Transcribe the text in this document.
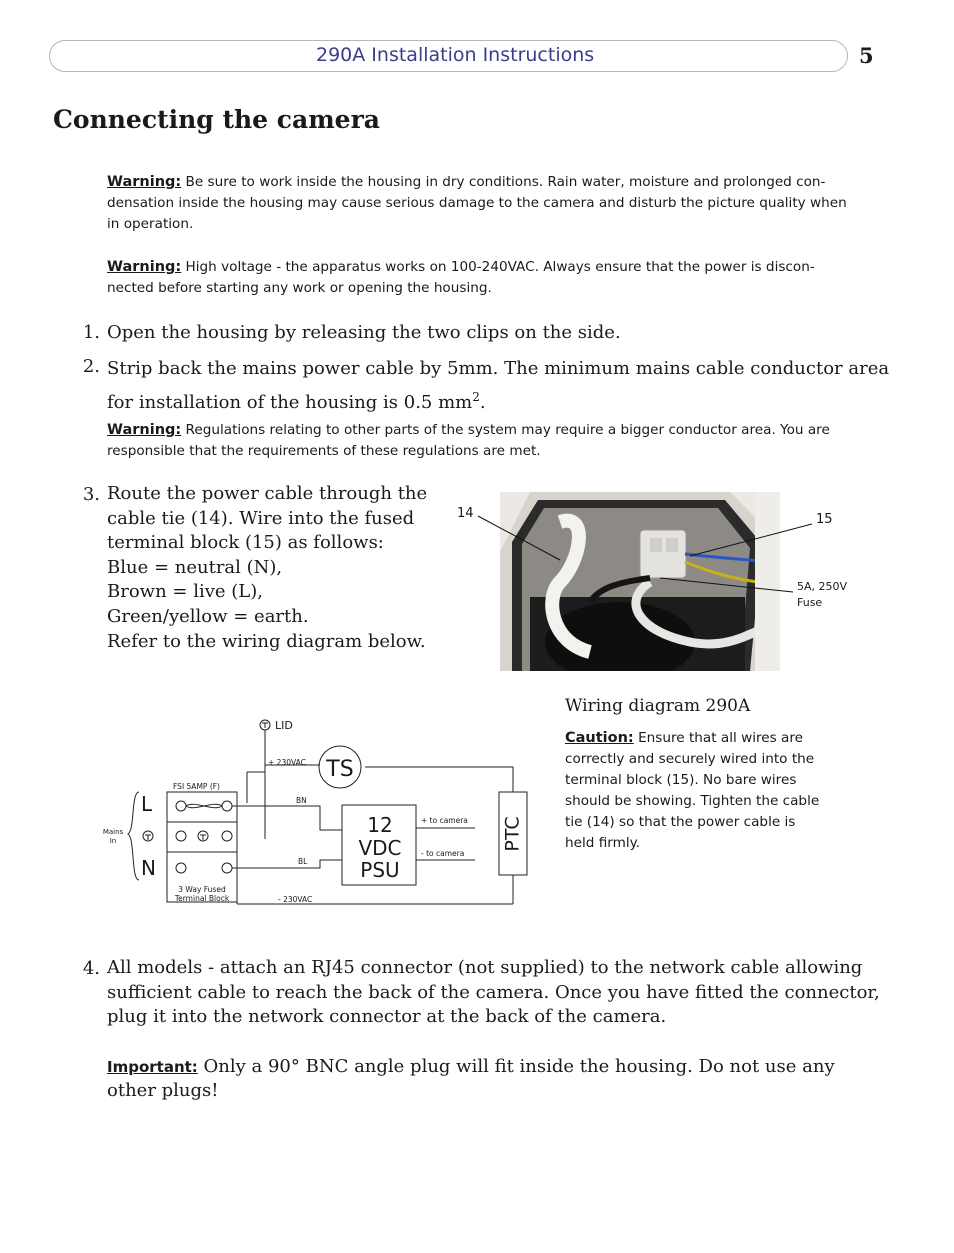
290A Installation Instructions	5
Connecting the camera
Warning: Be sure to work inside the housing in dry conditions. Rain water, moisture and prolonged con-
densation inside the housing may cause serious damage to the camera and disturb the picture quality when
in operation.
Warning: High voltage - the apparatus works on 100-240VAC. Always ensure that the power is discon-
nected before starting any work or opening the housing.
1. Open the housing by releasing the two clips on the side.
2. Strip back the mains power cable by 5mm. The minimum mains cable conductor area
for installation of the housing is 0.5 $mm^2$.
Warning: Regulations relating to other parts of the system may require a bigger conductor area. You are
responsible that the requirements of these regulations are met.
3. Route the power cable through the
cable tie (14). Wire into the fused
terminal block (15) as follows:
Blue = neutral (N),
Brown = live (L),
Green/yellow = earth.
Refer to the wiring diagram below.
14	15
5A, 250V
Fuse
LID
+ 230VAC TS
FSI 5AMP (F)
BN
BL
L
N
Mains
In
12
VDC
PSU
+ to camera
- to camera
PTC
3 Way Fused
Terminal Block	- 230VAC
Wiring diagram 290A
Caution: Ensure that all wires are
correctly and securely wired into the
terminal block (15). No bare wires
should be showing. Tighten the cable
tie (14) so that the power cable is
held firmly.
4. All models - attach an RJ45 connector (not supplied) to the network cable allowing
sufficient cable to reach the back of the camera. Once you have fitted the connector,
plug it into the network connector at the back of the camera.
Important: Only a 90° BNC angle plug will fit inside the housing. Do not use any
other plugs!
